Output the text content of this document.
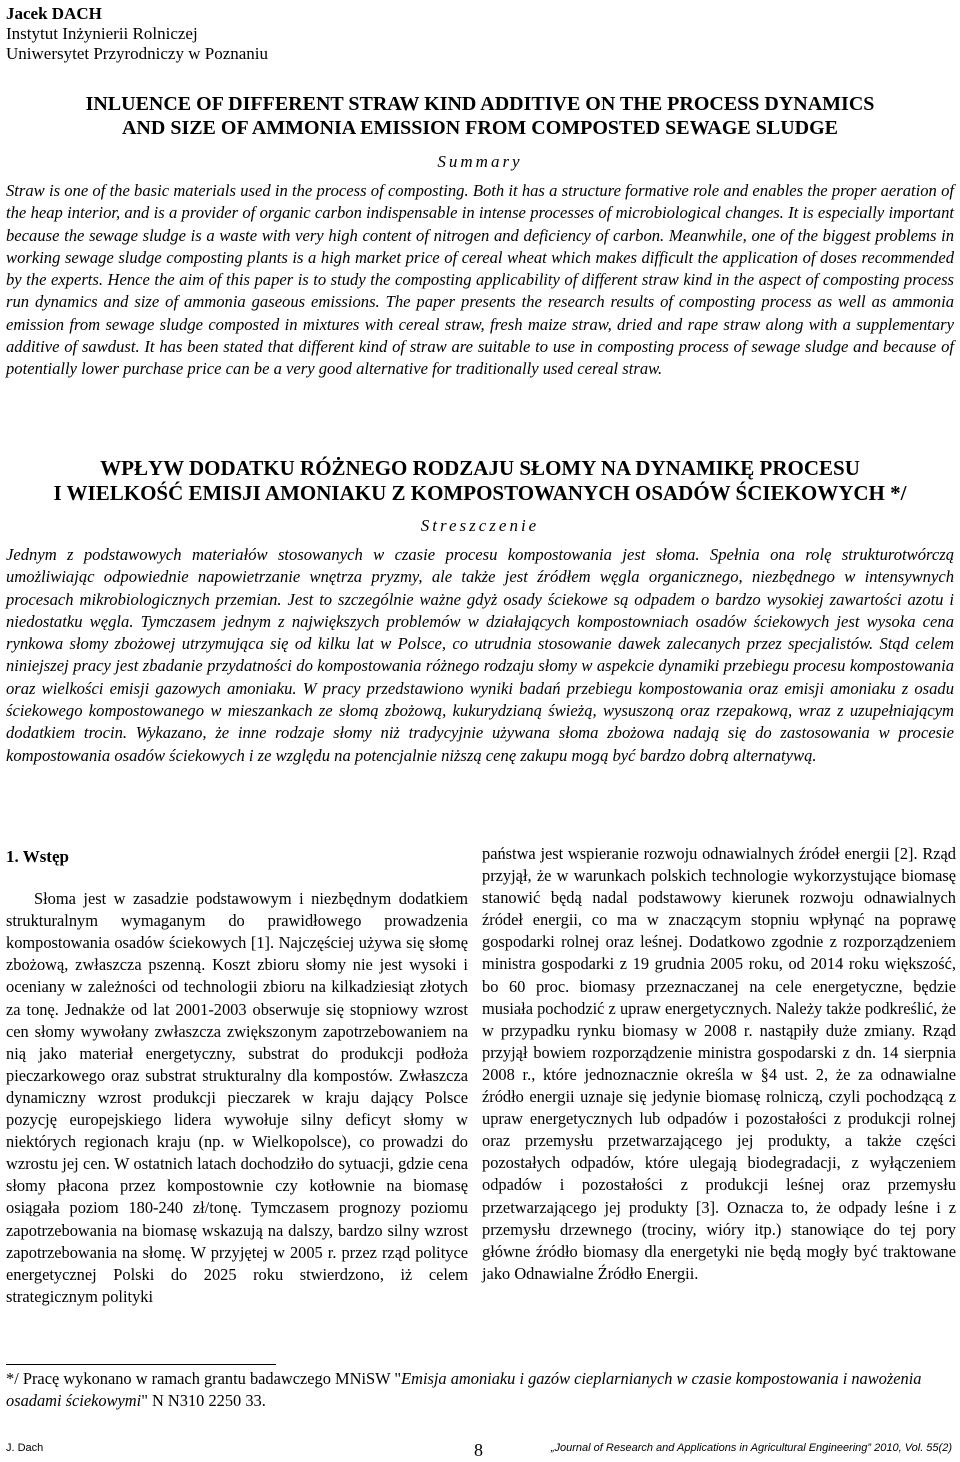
Jacek DACH
Instytut Inżynierii Rolniczej
Uniwersytet Przyrodniczy w Poznaniu
INLUENCE OF DIFFERENT STRAW KIND ADDITIVE ON THE PROCESS DYNAMICS
AND SIZE OF AMMONIA EMISSION FROM COMPOSTED SEWAGE SLUDGE
Summary
Straw is one of the basic materials used in the process of composting. Both it has a structure formative role and enables the proper aeration of the heap interior, and is a provider of organic carbon indispensable in intense processes of microbiological changes. It is especially important because the sewage sludge is a waste with very high content of nitrogen and deficiency of carbon. Meanwhile, one of the biggest problems in working sewage sludge composting plants is a high market price of cereal wheat which makes difficult the application of doses recommended by the experts. Hence the aim of this paper is to study the composting applicability of different straw kind in the aspect of composting process run dynamics and size of ammonia gaseous emissions. The paper presents the research results of composting process as well as ammonia emission from sewage sludge composted in mixtures with cereal straw, fresh maize straw, dried and rape straw along with a supplementary additive of sawdust. It has been stated that different kind of straw are suitable to use in composting process of sewage sludge and because of potentially lower purchase price can be a very good alternative for traditionally used cereal straw.
WPŁYW DODATKU RÓŻNEGO RODZAJU SŁOMY NA DYNAMIKĘ PROCESU
I WIELKOŚĆ EMISJI AMONIAKU Z KOMPOSTOWANYCH OSADÓW ŚCIEKOWYCH */
Streszczenie
Jednym z podstawowych materiałów stosowanych w czasie procesu kompostowania jest słoma. Spełnia ona rolę strukturotwórczą umożliwiając odpowiednie napowietrzanie wnętrza pryzmy, ale także jest źródłem węgla organicznego, niezbędnego w intensywnych procesach mikrobiologicznych przemian. Jest to szczególnie ważne gdyż osady ściekowe są odpadem o bardzo wysokiej zawartości azotu i niedostatku węgla. Tymczasem jednym z największych problemów w działających kompostowniach osadów ściekowych jest wysoka cena rynkowa słomy zbożowej utrzymująca się od kilku lat w Polsce, co utrudnia stosowanie dawek zalecanych przez specjalistów. Stąd celem niniejszej pracy jest zbadanie przydatności do kompostowania różnego rodzaju słomy w aspekcie dynamiki przebiegu procesu kompostowania oraz wielkości emisji gazowych amoniaku. W pracy przedstawiono wyniki badań przebiegu kompostowania oraz emisji amoniaku z osadu ściekowego kompostowanego w mieszankach ze słomą zbożową, kukurydzianą świeżą, wysuszoną oraz rzepakową, wraz z uzupełniającym dodatkiem trocin. Wykazano, że inne rodzaje słomy niż tradycyjnie używana słoma zbożowa nadają się do zastosowania w procesie kompostowania osadów ściekowych i ze względu na potencjalnie niższą cenę zakupu mogą być bardzo dobrą alternatywą.
1. Wstęp

Słoma jest w zasadzie podstawowym i niezbędnym dodatkiem strukturalnym wymaganym do prawidłowego prowadzenia kompostowania osadów ściekowych [1]. Najczęściej używa się słomę zbożową, zwłaszcza pszenną. Koszt zbioru słomy nie jest wysoki i oceniany w zależności od technologii zbioru na kilkadziesiąt złotych za tonę. Jednakże od lat 2001-2003 obserwuje się stopniowy wzrost cen słomy wywołany zwłaszcza zwiększonym zapotrzebowaniem na nią jako materiał energetyczny, substrat do produkcji podłoża pieczarkowego oraz substrat strukturalny dla kompostów. Zwłaszcza dynamiczny wzrost produkcji pieczarek w kraju dający Polsce pozycję europejskiego lidera wywołuje silny deficyt słomy w niektórych regionach kraju (np. w Wielkopolsce), co prowadzi do wzrostu jej cen. W ostatnich latach dochodziło do sytuacji, gdzie cena słomy płacona przez kompostownie czy kotłownie na biomasę osiągała poziom 180-240 zł/tonę. Tymczasem prognozy poziomu zapotrzebowania na biomasę wskazują na dalszy, bardzo silny wzrost zapotrzebowania na słomę. W przyjętej w 2005 r. przez rząd polityce energetycznej Polski do 2025 roku stwierdzono, iż celem strategicznym polityki

państwa jest wspieranie rozwoju odnawialnych źródeł energii [2]. Rząd przyjął, że w warunkach polskich technologie wykorzystujące biomasę stanowić będą nadal podstawowy kierunek rozwoju odnawialnych źródeł energii, co ma w znaczącym stopniu wpłynąć na poprawę gospodarki rolnej oraz leśnej. Dodatkowo zgodnie z rozporządzeniem ministra gospodarki z 19 grudnia 2005 roku, od 2014 roku większość, bo 60 proc. biomasy przeznaczanej na cele energetyczne, będzie musiała pochodzić z upraw energetycznych. Należy także podkreślić, że w przypadku rynku biomasy w 2008 r. nastąpiły duże zmiany. Rząd przyjął bowiem rozporządzenie ministra gospodarski z dn. 14 sierpnia 2008 r., które jednoznacznie określa w §4 ust. 2, że za odnawialne źródło energii uznaje się jedynie biomasę rolniczą, czyli pochodzącą z upraw energetycznych lub odpadów i pozostałości z produkcji rolnej oraz przemysłu przetwarzającego jej produkty, a także części pozostałych odpadów, które ulegają biodegradacji, z wyłączeniem odpadów i pozostałości z produkcji leśnej oraz przemysłu przetwarzającego jej produkty [3]. Oznacza to, że odpady leśne i z przemysłu drzewnego (trociny, wióry itp.) stanowiące do tej pory główne źródło biomasy dla energetyki nie będą mogły być traktowane jako Odnawialne Źródło Energii.

*/ Pracę wykonano w ramach grantu badawczego MNiSW "Emisja amoniaku i gazów cieplarnianych w czasie kompostowania i nawożenia osadami ściekowymi" N N310 2250 33.
J. Dach	8	„Journal of Research and Applications in Agricultural Engineering” 2010, Vol. 55(2)
